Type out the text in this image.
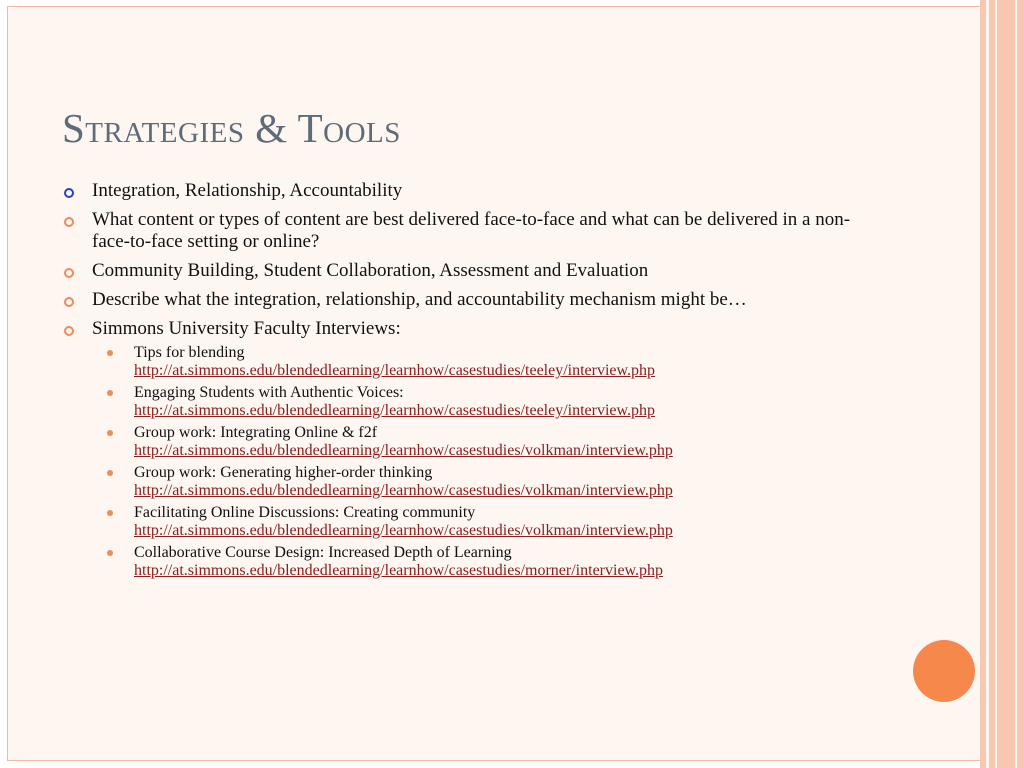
Strategies & Tools
Integration, Relationship, Accountability
What content or types of content are best delivered face-to-face and what can be delivered in a non-face-to-face setting or online?
Community Building, Student Collaboration, Assessment and Evaluation
Describe what the integration, relationship, and accountability mechanism might be…
Simmons University Faculty Interviews:
Tips for blending
http://at.simmons.edu/blendedlearning/learnhow/casestudies/teeley/interview.php
Engaging Students with Authentic Voices:
http://at.simmons.edu/blendedlearning/learnhow/casestudies/teeley/interview.php
Group work: Integrating Online & f2f
http://at.simmons.edu/blendedlearning/learnhow/casestudies/volkman/interview.php
Group work: Generating higher-order thinking
http://at.simmons.edu/blendedlearning/learnhow/casestudies/volkman/interview.php
Facilitating Online Discussions: Creating community
http://at.simmons.edu/blendedlearning/learnhow/casestudies/volkman/interview.php
Collaborative Course Design: Increased Depth of Learning
http://at.simmons.edu/blendedlearning/learnhow/casestudies/morner/interview.php
